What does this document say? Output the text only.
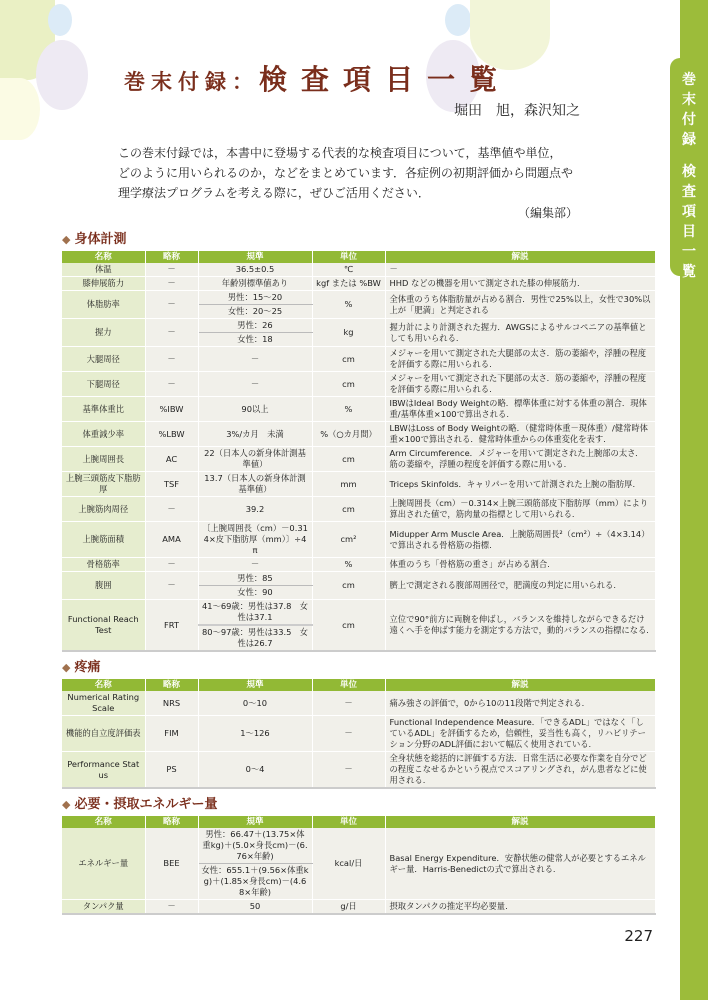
巻
末
付
録
検
査
項
目
一
覧
巻末付録：検査項目一覧
堀田　旭，森沢知之

この巻末付録では，本書中に登場する代表的な検査項目について，基準値や単位，

どのように用いられるのか，などをまとめています．各症例の初期評価から問題点や

理学療法プログラムを考える際に，ぜひご活用ください．

（編集部）
◆ 身体計測
名称	略称	規準	単位	解説
体温	－	36.5±0.5	℃	－
膝伸展筋力	－	年齢別標準値あり	kgf または %BW	HHD などの機器を用いて測定された膝の伸展筋力.
体脂肪率	－	男性：15～20	%	全体重のうち体脂肪量が占める割合．男性で25%以上，女性で30%以上が「肥満」と判定される
		女性：20～25		
握力	－	男性：26	kg	握力計により計測された握力．AWGSによるサルコペニアの基準値としても用いられる.
		女性：18		
大腿周径	－	－	cm	メジャーを用いて測定された大腿部の太さ．筋の萎縮や，浮腫の程度を評価する際に用いられる.
下腿周径	－	－	cm	メジャーを用いて測定された下腿部の太さ．筋の萎縮や，浮腫の程度を評価する際に用いられる.
基準体重比	%IBW	90以上	%	IBWはIdeal Body Weightの略．標準体重に対する体重の割合．現体重/基準体重×100で算出される.
体重減少率	%LBW	3%/カ月　未満	%（○カ月間）	LBWはLoss of Body Weightの略．（健常時体重－現体重）/健常時体重×100で算出される．健常時体重からの体重変化を表す.
上腕周囲長	AC	22（日本人の新身体計測基準値）	cm	Arm Circumference．メジャーを用いて測定された上腕部の太さ．筋の萎縮や，浮腫の程度を評価する際に用いる.
上腕三頭筋皮下脂肪厚	TSF	13.7（日本人の新身体計測基準値）	mm	Triceps Skinfolds．キャリパーを用いて計測された上腕の脂肪厚.
上腕筋肉周径	－	39.2	cm	上腕周囲長（cm）－0.314×上腕三頭筋部皮下脂肪厚（mm）により算出された値で，筋肉量の指標として用いられる.
上腕筋面積	AMA	〔上腕周囲長（cm）－0.314×皮下脂肪厚（mm）〕÷4π	cm²	Midupper Arm Muscle Area．上腕筋周囲長²（cm²）÷（4×3.14）で算出される骨格筋の指標.
骨格筋率	－	－	%	体重のうち「骨格筋の重さ」が占める割合.
腹囲	－	男性：85	cm	臍上で測定される腹部周囲径で，肥満度の判定に用いられる.
		女性：90		
Functional Reach Test	FRT	41～69歳：男性は37.8　女性は37.1	cm	立位で90°前方に両腕を伸ばし，バランスを維持しながらできるだけ遠くへ手を伸ばす能力を測定する方法で，動的バランスの指標になる.
		80～97歳：男性は33.5　女性は26.7		
◆ 疼痛
名称	略称	規準	単位	解説
Numerical Rating Scale	NRS	0～10	－	痛み強さの評価で，0から10の11段階で判定される.
機能的自立度評価表	FIM	1～126	－	Functional Independence Measure．「できるADL」ではなく「しているADL」を評価するため，信頼性，妥当性も高く，リハビリテーション分野のADL評価において幅広く使用されている.
Performance Status	PS	0～4	－	全身状態を総括的に評価する方法．日常生活に必要な作業を自分でどの程度こなせるかという視点でスコアリングされ，がん患者などに使用される.
◆ 必要・摂取エネルギー量
名称	略称	規準	単位	解説
エネルギー量	BEE	男性：66.47＋(13.75×体重kg)＋(5.0×身長cm)－(6.76×年齢)	kcal/日	Basal Energy Expenditure．安静状態の健常人が必要とするエネルギー量．Harris-Benedictの式で算出される.
		女性：655.1＋(9.56×体重kg)＋(1.85×身長cm)－(4.68×年齢)		
タンパク量	－	50	g/日	摂取タンパクの推定平均必要量.
227
